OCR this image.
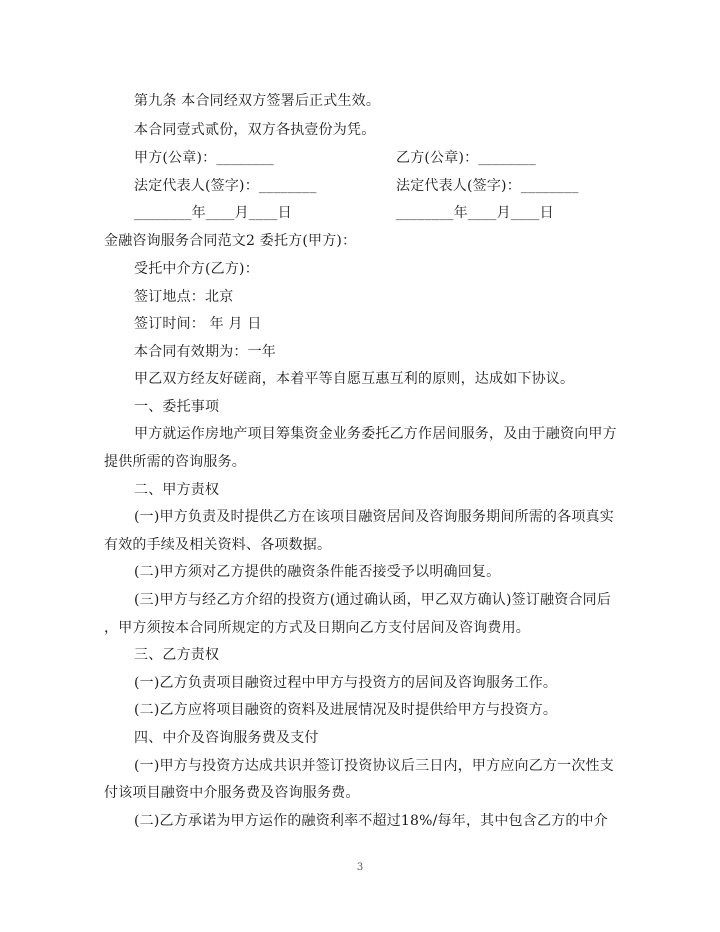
第九条 本合同经双方签署后正式生效。
本合同壹式贰份，双方各执壹份为凭。
甲方(公章)：________	乙方(公章)：________
法定代表人(签字)：________	法定代表人(签字)：________
________年____月____日	________年____月____日
金融咨询服务合同范文2 委托方(甲方)：
受托中介方(乙方)：
签订地点：北京
签订时间： 年 月 日
本合同有效期为：一年
甲乙双方经友好磋商，本着平等自愿互惠互利的原则，达成如下协议。
一、委托事项
甲方就运作房地产项目筹集资金业务委托乙方作居间服务，及由于融资向甲方
提供所需的咨询服务。
二、甲方责权
(一)甲方负责及时提供乙方在该项目融资居间及咨询服务期间所需的各项真实
有效的手续及相关资料、各项数据。
(二)甲方须对乙方提供的融资条件能否接受予以明确回复。
(三)甲方与经乙方介绍的投资方(通过确认函，甲乙双方确认)签订融资合同后
，甲方须按本合同所规定的方式及日期向乙方支付居间及咨询费用。
三、乙方责权
(一)乙方负责项目融资过程中甲方与投资方的居间及咨询服务工作。
(二)乙方应将项目融资的资料及进展情况及时提供给甲方与投资方。
四、中介及咨询服务费及支付
(一)甲方与投资方达成共识并签订投资协议后三日内，甲方应向乙方一次性支
付该项目融资中介服务费及咨询服务费。
(二)乙方承诺为甲方运作的融资利率不超过18%/每年，其中包含乙方的中介
3
